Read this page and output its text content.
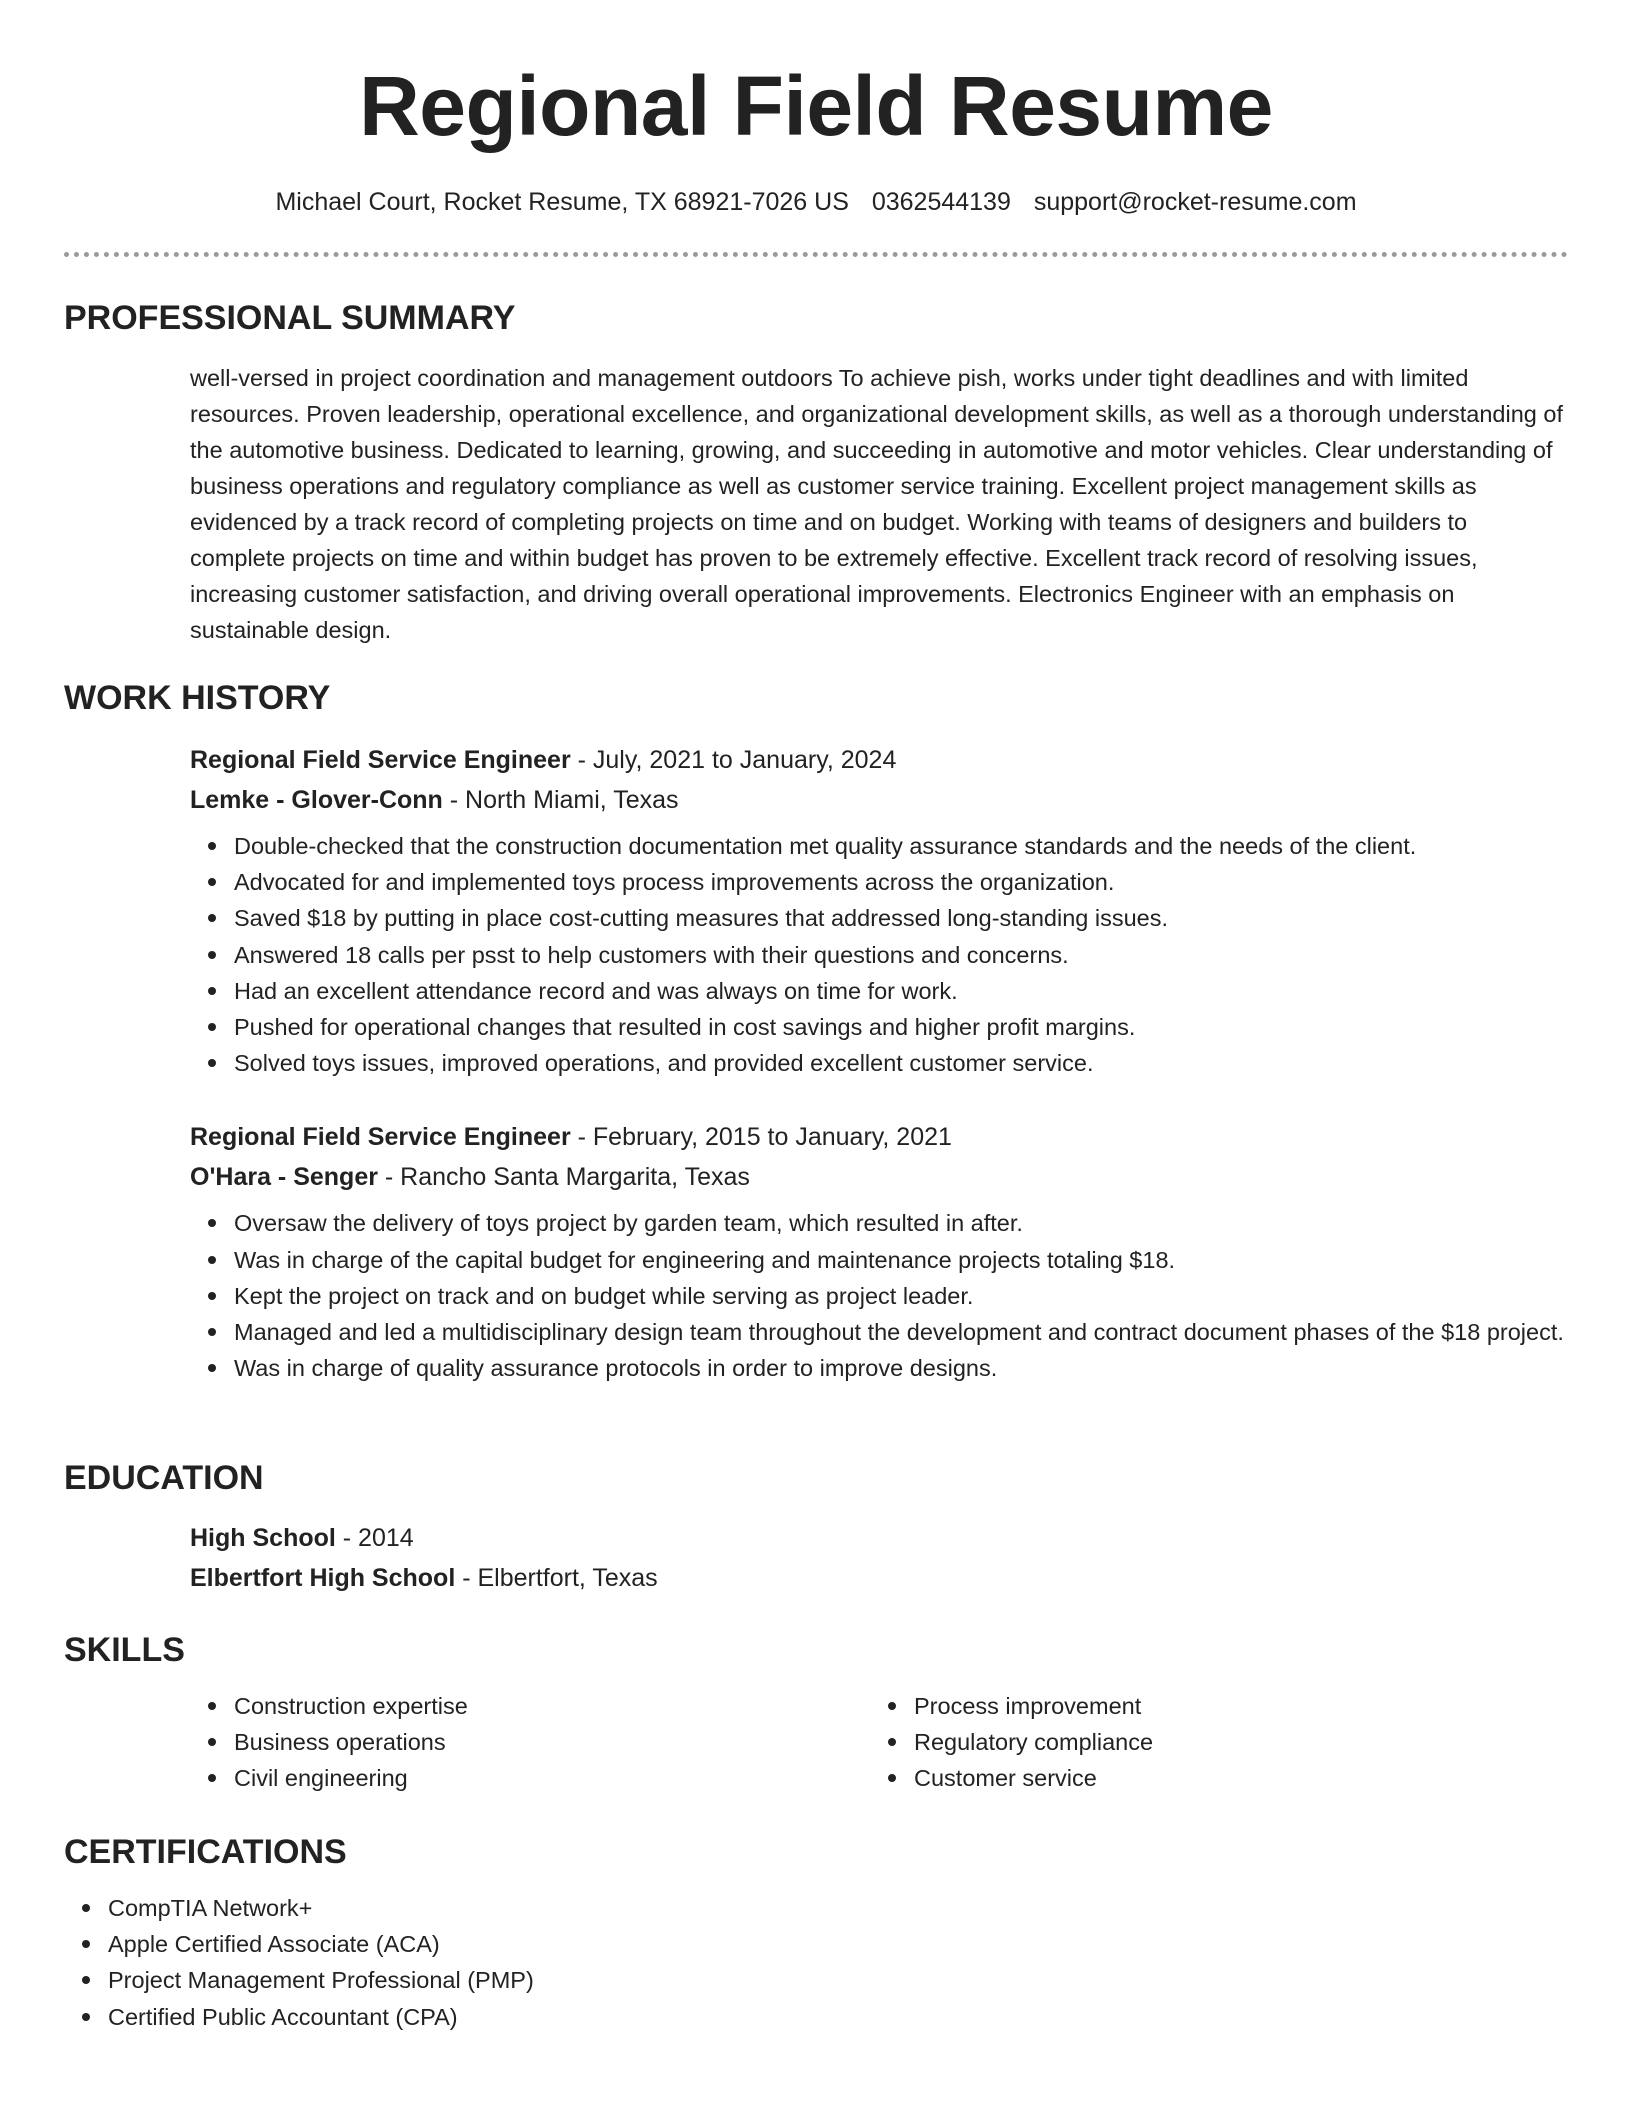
Regional Field Resume
Michael Court, Rocket Resume, TX 68921-7026 US 0362544139 support@rocket-resume.com
PROFESSIONAL SUMMARY
well-versed in project coordination and management outdoors To achieve pish, works under tight deadlines and with limited resources. Proven leadership, operational excellence, and organizational development skills, as well as a thorough understanding of the automotive business. Dedicated to learning, growing, and succeeding in automotive and motor vehicles. Clear understanding of business operations and regulatory compliance as well as customer service training. Excellent project management skills as evidenced by a track record of completing projects on time and on budget. Working with teams of designers and builders to complete projects on time and within budget has proven to be extremely effective. Excellent track record of resolving issues, increasing customer satisfaction, and driving overall operational improvements. Electronics Engineer with an emphasis on sustainable design.
WORK HISTORY
Regional Field Service Engineer - July, 2021 to January, 2024
Lemke - Glover-Conn - North Miami, Texas
Double-checked that the construction documentation met quality assurance standards and the needs of the client.
Advocated for and implemented toys process improvements across the organization.
Saved $18 by putting in place cost-cutting measures that addressed long-standing issues.
Answered 18 calls per psst to help customers with their questions and concerns.
Had an excellent attendance record and was always on time for work.
Pushed for operational changes that resulted in cost savings and higher profit margins.
Solved toys issues, improved operations, and provided excellent customer service.
Regional Field Service Engineer - February, 2015 to January, 2021
O'Hara - Senger - Rancho Santa Margarita, Texas
Oversaw the delivery of toys project by garden team, which resulted in after.
Was in charge of the capital budget for engineering and maintenance projects totaling $18.
Kept the project on track and on budget while serving as project leader.
Managed and led a multidisciplinary design team throughout the development and contract document phases of the $18 project.
Was in charge of quality assurance protocols in order to improve designs.
EDUCATION
High School - 2014
Elbertfort High School - Elbertfort, Texas
SKILLS
Construction expertise
Business operations
Civil engineering
Process improvement
Regulatory compliance
Customer service
CERTIFICATIONS
CompTIA Network+
Apple Certified Associate (ACA)
Project Management Professional (PMP)
Certified Public Accountant (CPA)
